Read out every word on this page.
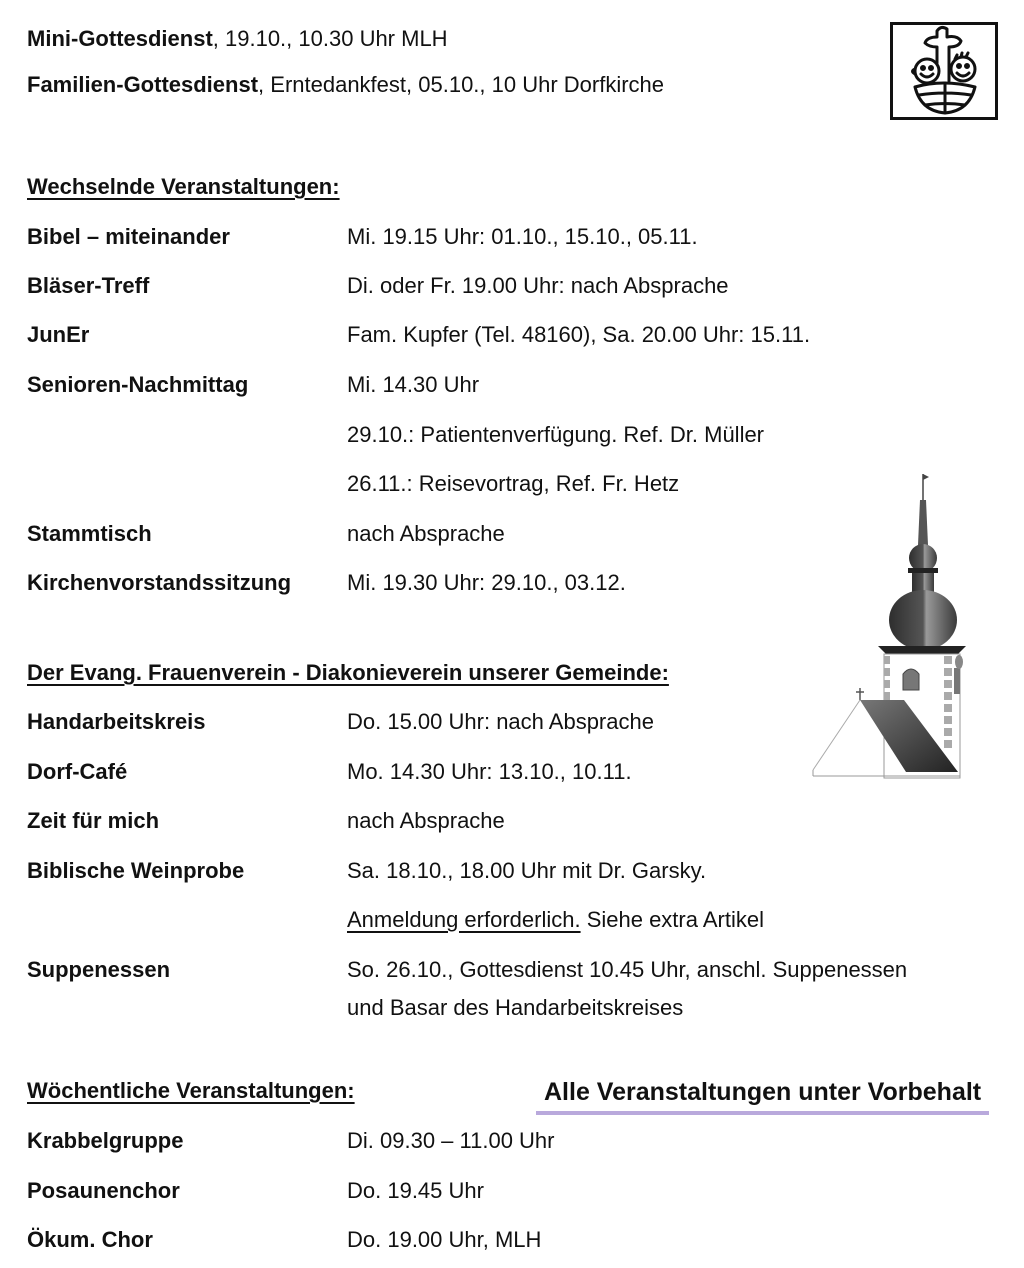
Mini-Gottesdienst, 19.10., 10.30 Uhr MLH
Familien-Gottesdienst, Erntedankfest, 05.10., 10 Uhr Dorfkirche
Wechselnde Veranstaltungen:
Bibel – miteinander	Mi. 19.15 Uhr: 01.10., 15.10., 05.11.
Bläser-Treff	Di. oder Fr. 19.00 Uhr: nach Absprache
JunEr	Fam. Kupfer (Tel. 48160), Sa. 20.00 Uhr: 15.11.
Senioren-Nachmittag	Mi. 14.30 Uhr
29.10.: Patientenverfügung. Ref. Dr. Müller
26.11.: Reisevortrag, Ref. Fr. Hetz
Stammtisch	nach Absprache
Kirchenvorstandssitzung	Mi. 19.30 Uhr: 29.10., 03.12.
Der Evang. Frauenverein - Diakonieverein unserer Gemeinde:
Handarbeitskreis	Do. 15.00 Uhr: nach Absprache
Dorf-Café	Mo. 14.30 Uhr: 13.10., 10.11.
Zeit für mich	nach Absprache
Biblische Weinprobe	Sa. 18.10., 18.00 Uhr mit Dr. Garsky.
Anmeldung erforderlich. Siehe extra Artikel
Suppenessen	So. 26.10., Gottesdienst 10.45 Uhr, anschl. Suppenessen
und Basar des Handarbeitskreises
Wöchentliche Veranstaltungen:	Alle Veranstaltungen unter Vorbehalt
Krabbelgruppe	Di. 09.30 – 11.00 Uhr
Posaunenchor	Do. 19.45 Uhr
Ökum. Chor	Do. 19.00 Uhr, MLH
